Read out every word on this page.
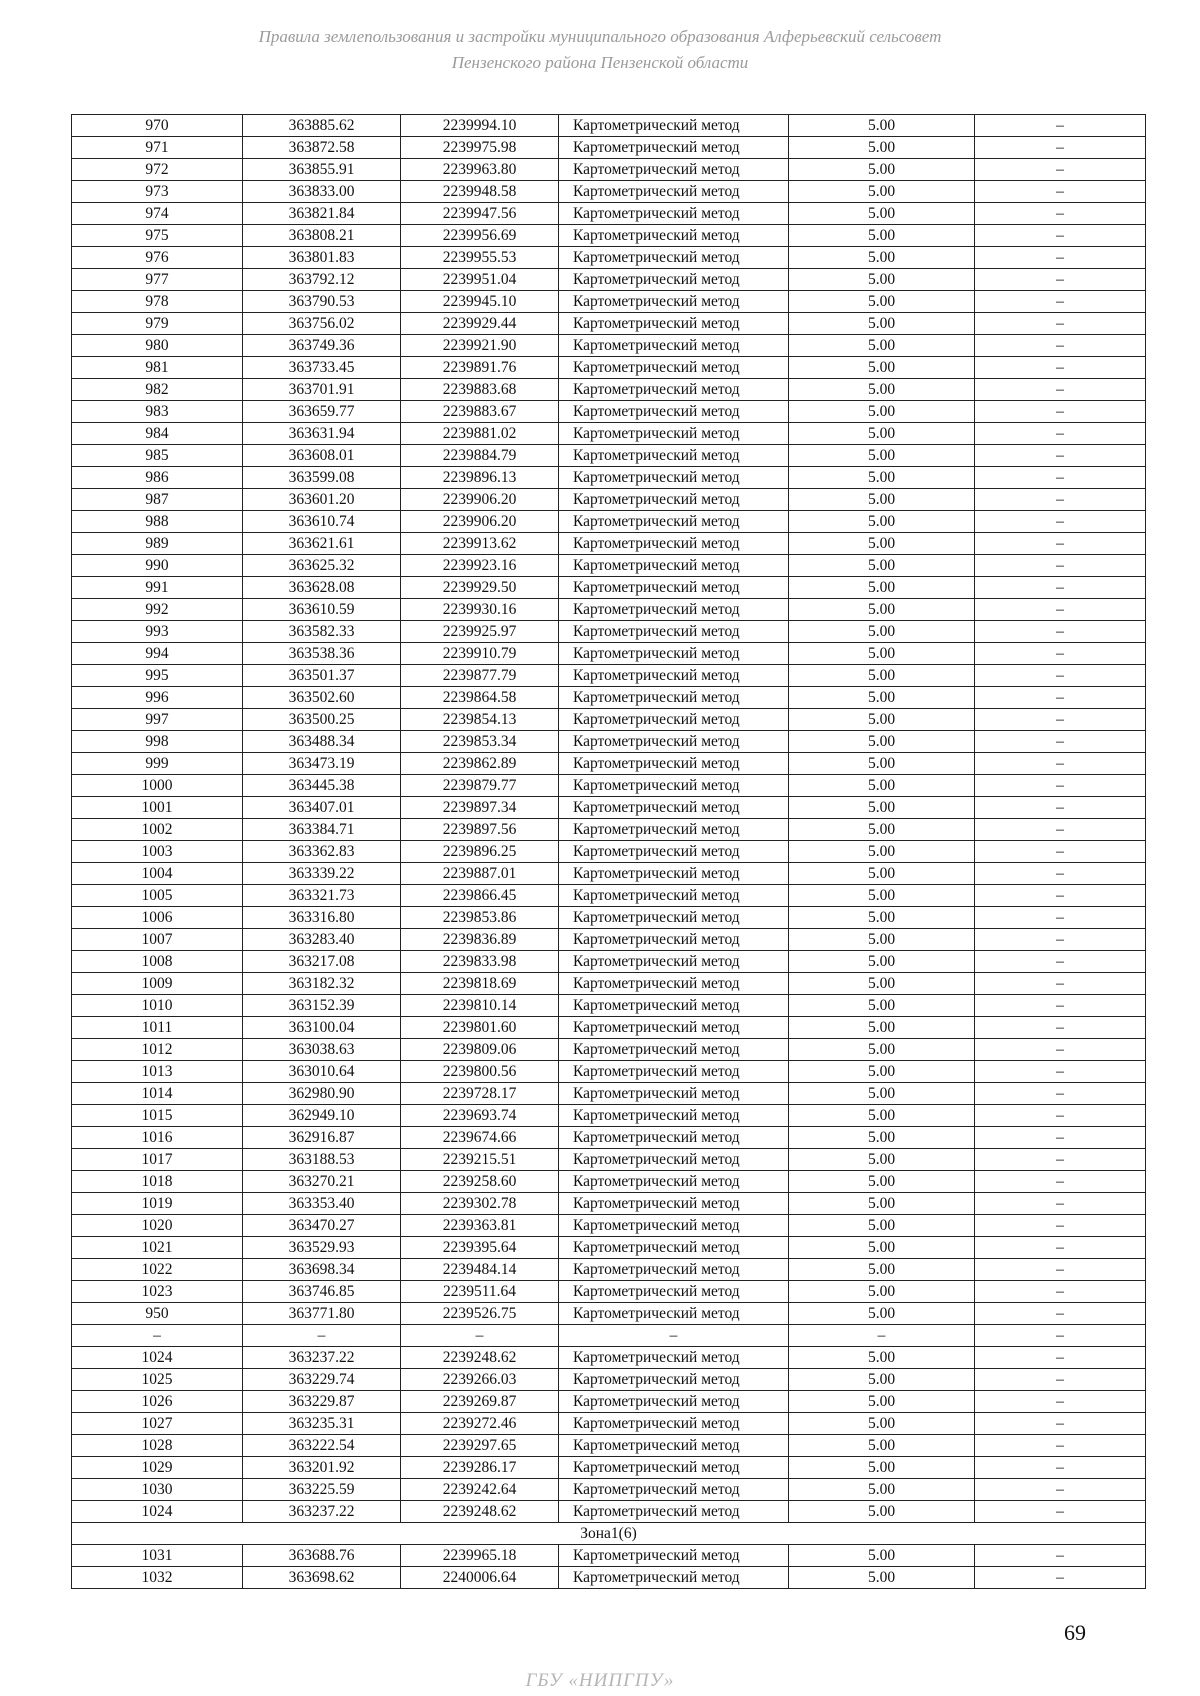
Правила землепользования и застройки муниципального образования Алферьевский сельсовет
Пензенского района Пензенской области
970	363885.62	2239994.10	Картометрический метод	5.00	–
971	363872.58	2239975.98	Картометрический метод	5.00	–
972	363855.91	2239963.80	Картометрический метод	5.00	–
973	363833.00	2239948.58	Картометрический метод	5.00	–
974	363821.84	2239947.56	Картометрический метод	5.00	–
975	363808.21	2239956.69	Картометрический метод	5.00	–
976	363801.83	2239955.53	Картометрический метод	5.00	–
977	363792.12	2239951.04	Картометрический метод	5.00	–
978	363790.53	2239945.10	Картометрический метод	5.00	–
979	363756.02	2239929.44	Картометрический метод	5.00	–
980	363749.36	2239921.90	Картометрический метод	5.00	–
981	363733.45	2239891.76	Картометрический метод	5.00	–
982	363701.91	2239883.68	Картометрический метод	5.00	–
983	363659.77	2239883.67	Картометрический метод	5.00	–
984	363631.94	2239881.02	Картометрический метод	5.00	–
985	363608.01	2239884.79	Картометрический метод	5.00	–
986	363599.08	2239896.13	Картометрический метод	5.00	–
987	363601.20	2239906.20	Картометрический метод	5.00	–
988	363610.74	2239906.20	Картометрический метод	5.00	–
989	363621.61	2239913.62	Картометрический метод	5.00	–
990	363625.32	2239923.16	Картометрический метод	5.00	–
991	363628.08	2239929.50	Картометрический метод	5.00	–
992	363610.59	2239930.16	Картометрический метод	5.00	–
993	363582.33	2239925.97	Картометрический метод	5.00	–
994	363538.36	2239910.79	Картометрический метод	5.00	–
995	363501.37	2239877.79	Картометрический метод	5.00	–
996	363502.60	2239864.58	Картометрический метод	5.00	–
997	363500.25	2239854.13	Картометрический метод	5.00	–
998	363488.34	2239853.34	Картометрический метод	5.00	–
999	363473.19	2239862.89	Картометрический метод	5.00	–
1000	363445.38	2239879.77	Картометрический метод	5.00	–
1001	363407.01	2239897.34	Картометрический метод	5.00	–
1002	363384.71	2239897.56	Картометрический метод	5.00	–
1003	363362.83	2239896.25	Картометрический метод	5.00	–
1004	363339.22	2239887.01	Картометрический метод	5.00	–
1005	363321.73	2239866.45	Картометрический метод	5.00	–
1006	363316.80	2239853.86	Картометрический метод	5.00	–
1007	363283.40	2239836.89	Картометрический метод	5.00	–
1008	363217.08	2239833.98	Картометрический метод	5.00	–
1009	363182.32	2239818.69	Картометрический метод	5.00	–
1010	363152.39	2239810.14	Картометрический метод	5.00	–
1011	363100.04	2239801.60	Картометрический метод	5.00	–
1012	363038.63	2239809.06	Картометрический метод	5.00	–
1013	363010.64	2239800.56	Картометрический метод	5.00	–
1014	362980.90	2239728.17	Картометрический метод	5.00	–
1015	362949.10	2239693.74	Картометрический метод	5.00	–
1016	362916.87	2239674.66	Картометрический метод	5.00	–
1017	363188.53	2239215.51	Картометрический метод	5.00	–
1018	363270.21	2239258.60	Картометрический метод	5.00	–
1019	363353.40	2239302.78	Картометрический метод	5.00	–
1020	363470.27	2239363.81	Картометрический метод	5.00	–
1021	363529.93	2239395.64	Картометрический метод	5.00	–
1022	363698.34	2239484.14	Картометрический метод	5.00	–
1023	363746.85	2239511.64	Картометрический метод	5.00	–
950	363771.80	2239526.75	Картометрический метод	5.00	–
–	–	–	–	–	–
1024	363237.22	2239248.62	Картометрический метод	5.00	–
1025	363229.74	2239266.03	Картометрический метод	5.00	–
1026	363229.87	2239269.87	Картометрический метод	5.00	–
1027	363235.31	2239272.46	Картометрический метод	5.00	–
1028	363222.54	2239297.65	Картометрический метод	5.00	–
1029	363201.92	2239286.17	Картометрический метод	5.00	–
1030	363225.59	2239242.64	Картометрический метод	5.00	–
1024	363237.22	2239248.62	Картометрический метод	5.00	–
Зона1(6)					
1031	363688.76	2239965.18	Картометрический метод	5.00	–
1032	363698.62	2240006.64	Картометрический метод	5.00	–
69
ГБУ «НИПГПУ»
